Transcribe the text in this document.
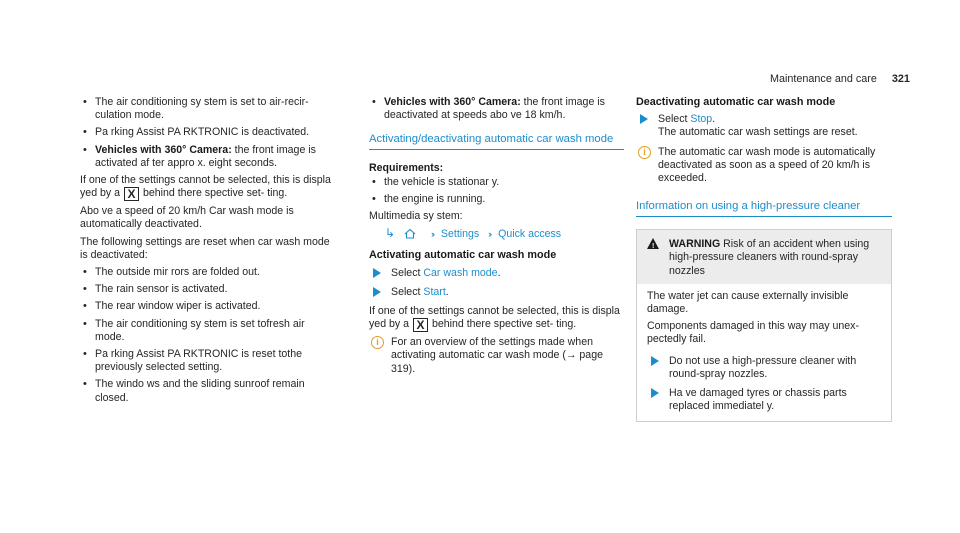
Maintenance and care 321
• The air conditioning sy stem is set to air-recir- culation mode.
• Pa rking Assist PA RKTRONIC is deactivated.
• Vehicles with 360° Camera: the front image is activated af ter appro x. eight seconds.
If one of the settings cannot be selected, this is displa yed by a X behind there spective set‐ ting.
Abo ve a speed of 20 km/h Car wash mode is automatically deactivated.
The following settings are reset when car wash mode is deactivated:
• The outside mir rors are folded out.
• The rain sensor is activated.
• The rear window wiper is activated.
• The air conditioning sy stem is set tofresh air mode.
• Pa rking Assist PA RKTRONIC is reset tothe previously selected setting.
• The windo ws and the sliding sunroof remain closed.
• Vehicles with 360° Camera: the front image is deactivated at speeds abo ve 18 km/h.
Activating/deactivating automatic car wash mode
Requirements:
• the vehicle is stationar y.
• the engine is running.
Multimedia sy stem:
↳	›› Settings ›› Quick access
Activating automatic car wash mode
Select Car wash mode.
Select Start.
If one of the settings cannot be selected, this is displa yed by a X behind there spective set‐ ting.
i	For an overview of the settings made when activating automatic car wash mode (→ page 319).
Deactivating automatic car wash mode
Select Stop.
The automatic car wash settings are reset.
i	The automatic car wash mode is automatically deactivated as soon as a speed of 20 km/h is exceeded.
Information on using a high-pressure cleaner
! WARNING Risk of an accident when using high-pressure cleaners with round-spray nozzles
The water jet can cause externally invisible damage.
Components damaged in this way may unex‐ pectedly fail.
Do not use a high-pressure cleaner with round-spray nozzles.
Ha ve damaged tyres or chassis parts replaced immediatel y.
